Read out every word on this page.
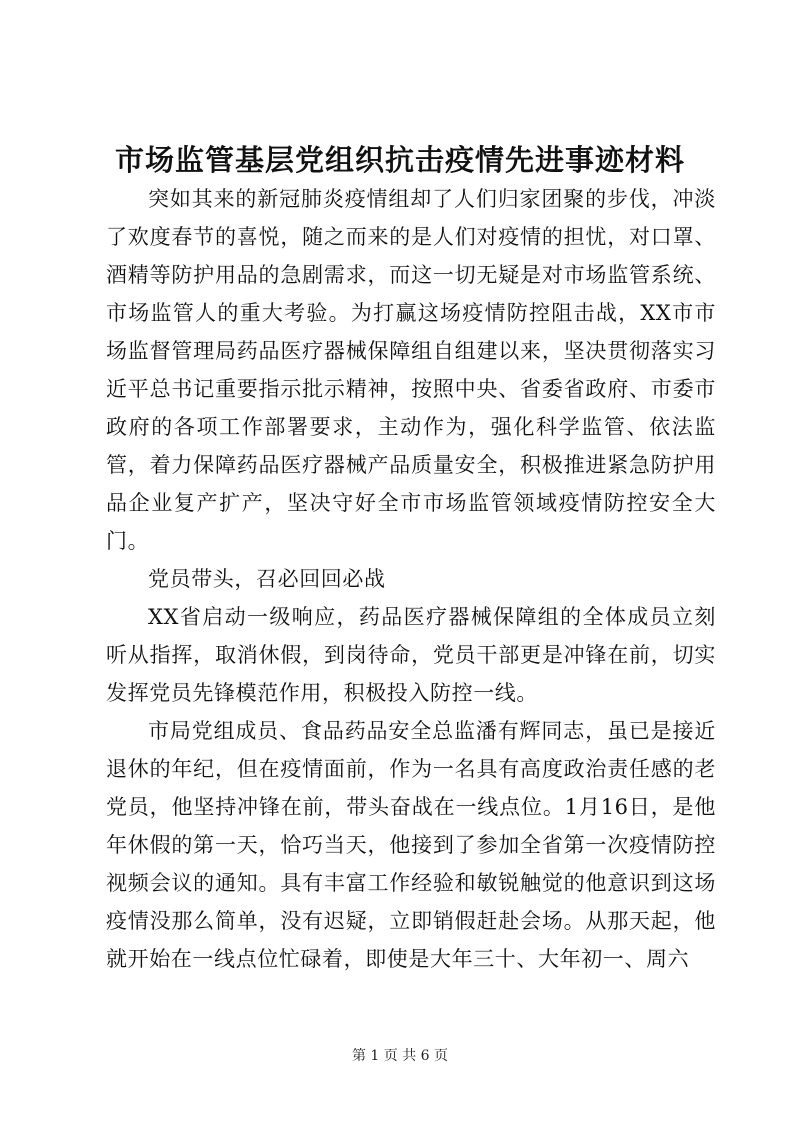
市场监管基层党组织抗击疫情先进事迹材料

突如其来的新冠肺炎疫情组却了人们归家团聚的步伐，冲淡了欢度春节的喜悦，随之而来的是人们对疫情的担忧，对口罩、酒精等防护用品的急剧需求，而这一切无疑是对市场监管系统、市场监管人的重大考验。为打赢这场疫情防控阻击战，XX市市场监督管理局药品医疗器械保障组自组建以来，坚决贯彻落实习近平总书记重要指示批示精神，按照中央、省委省政府、市委市政府的各项工作部署要求，主动作为，强化科学监管、依法监管，着力保障药品医疗器械产品质量安全，积极推进紧急防护用品企业复产扩产，坚决守好全市市场监管领域疫情防控安全大门。

党员带头，召必回回必战

XX省启动一级响应，药品医疗器械保障组的全体成员立刻听从指挥，取消休假，到岗待命，党员干部更是冲锋在前，切实发挥党员先锋模范作用，积极投入防控一线。

市局党组成员、食品药品安全总监潘有辉同志，虽已是接近退休的年纪，但在疫情面前，作为一名具有高度政治责任感的老党员，他坚持冲锋在前，带头奋战在一线点位。1月16日，是他年休假的第一天，恰巧当天，他接到了参加全省第一次疫情防控视频会议的通知。具有丰富工作经验和敏锐触觉的他意识到这场疫情没那么简单，没有迟疑，立即销假赶赴会场。从那天起，他就开始在一线点位忙碌着，即使是大年三十、大年初一、周六

第 1 页 共 6 页
